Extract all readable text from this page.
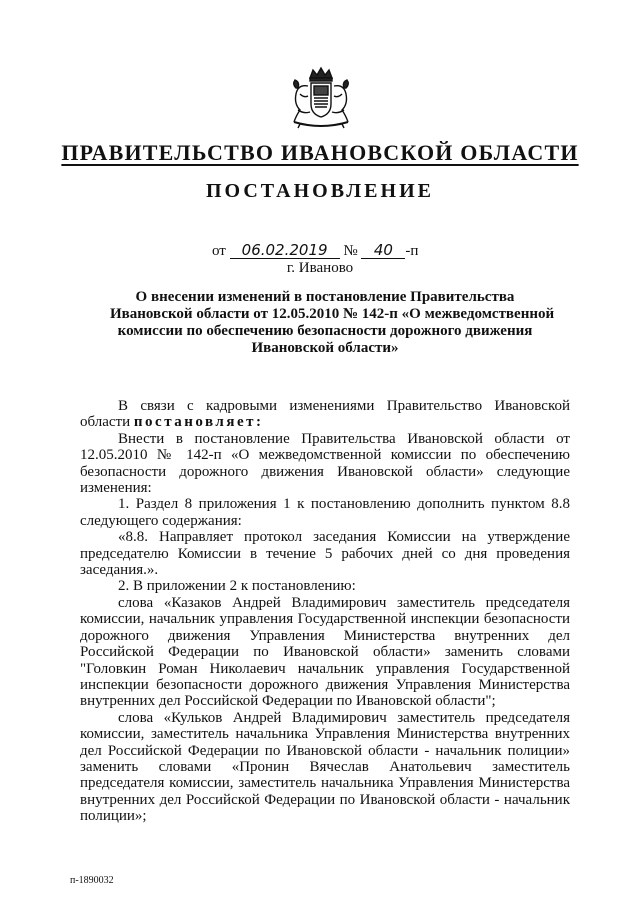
ПРАВИТЕЛЬСТВО ИВАНОВСКОЙ ОБЛАСТИ
ПОСТАНОВЛЕНИЕ
от 06.02.2019 № 40 -п
г. Иваново
О внесении изменений в постановление Правительства
Ивановской области от 12.05.2010 № 142-п «О межведомственной
комиссии по обеспечению безопасности дорожного движения
Ивановской области»

В связи с кадровыми изменениями Правительство Ивановской области постановляет:

Внести в постановление Правительства Ивановской области от 12.05.2010 № 142-п «О межведомственной комиссии по обеспечению безопасности дорожного движения Ивановской области» следующие изменения:

1. Раздел 8 приложения 1 к постановлению дополнить пунктом 8.8 следующего содержания:

«8.8. Направляет протокол заседания Комиссии на утверждение председателю Комиссии в течение 5 рабочих дней со дня проведения заседания.».

2. В приложении 2 к постановлению:

слова «Казаков Андрей Владимирович заместитель председателя комиссии, начальник управления Государственной инспекции безопасности дорожного движения Управления Министерства внутренних дел Российской Федерации по Ивановской области» заменить словами "Головкин Роман Николаевич начальник управления Государственной инспекции безопасности дорожного движения Управления Министерства внутренних дел Российской Федерации по Ивановской области";

слова «Кульков Андрей Владимирович заместитель председателя комиссии, заместитель начальника Управления Министерства внутренних дел Российской Федерации по Ивановской области - начальник полиции» заменить словами «Пронин Вячеслав Анатольевич заместитель председателя комиссии, заместитель начальника Управления Министерства внутренних дел Российской Федерации по Ивановской области - начальник полиции»;

п-1890032
